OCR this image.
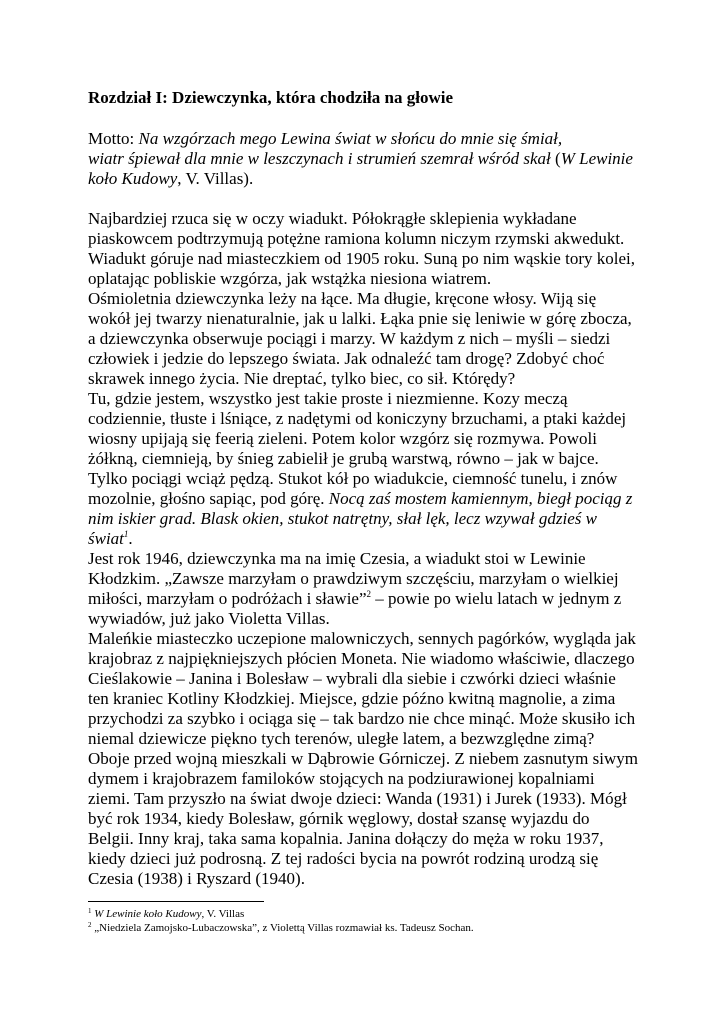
Rozdział I: Dziewczynka, która chodziła na głowie
Motto: Na wzgórzach mego Lewina świat w słońcu do mnie się śmiał,
wiatr śpiewał dla mnie w leszczynach i strumień szemrał wśród skał (W Lewinie
koło Kudowy, V. Villas).
Najbardziej rzuca się w oczy wiadukt. Półokrągłe sklepienia wykładane
piaskowcem podtrzymują potężne ramiona kolumn niczym rzymski akwedukt.
Wiadukt góruje nad miasteczkiem od 1905 roku. Suną po nim wąskie tory kolei,
oplatając pobliskie wzgórza, jak wstążka niesiona wiatrem.
Ośmioletnia dziewczynka leży na łące. Ma długie, kręcone włosy. Wiją się
wokół jej twarzy nienaturalnie, jak u lalki. Łąka pnie się leniwie w górę zbocza,
a dziewczynka obserwuje pociągi i marzy. W każdym z nich – myśli – siedzi
człowiek i jedzie do lepszego świata. Jak odnaleźć tam drogę? Zdobyć choć
skrawek innego życia. Nie dreptać, tylko biec, co sił. Którędy?
Tu, gdzie jestem, wszystko jest takie proste i niezmienne. Kozy meczą
codziennie, tłuste i lśniące, z nadętymi od koniczyny brzuchami, a ptaki każdej
wiosny upijają się feerią zieleni. Potem kolor wzgórz się rozmywa. Powoli
żółkną, ciemnieją, by śnieg zabielił je grubą warstwą, równo – jak w bajce.
Tylko pociągi wciąż pędzą. Stukot kół po wiadukcie, ciemność tunelu, i znów
mozolnie, głośno sapiąc, pod górę. Nocą zaś mostem kamiennym, biegł pociąg z
nim iskier grad. Blask okien, stukot natrętny, słał lęk, lecz wzywał gdzieś w
świat$^1$.
Jest rok 1946, dziewczynka ma na imię Czesia, a wiadukt stoi w Lewinie
Kłodzkim. „Zawsze marzyłam o prawdziwym szczęściu, marzyłam o wielkiej
miłości, marzyłam o podróżach i sławie”$^2$ – powie po wielu latach w jednym z
wywiadów, już jako Violetta Villas.
Maleńkie miasteczko uczepione malowniczych, sennych pagórków, wygląda jak
krajobraz z najpiękniejszych płócien Moneta. Nie wiadomo właściwie, dlaczego
Cieślakowie – Janina i Bolesław – wybrali dla siebie i czwórki dzieci właśnie
ten kraniec Kotliny Kłodzkiej. Miejsce, gdzie późno kwitną magnolie, a zima
przychodzi za szybko i ociąga się – tak bardzo nie chce minąć. Może skusiło ich
niemal dziewicze piękno tych terenów, uległe latem, a bezwzględne zimą?
Oboje przed wojną mieszkali w Dąbrowie Górniczej. Z niebem zasnutym siwym
dymem i krajobrazem familoków stojących na podziurawionej kopalniami
ziemi. Tam przyszło na świat dwoje dzieci: Wanda (1931) i Jurek (1933). Mógł
być rok 1934, kiedy Bolesław, górnik węglowy, dostał szansę wyjazdu do
Belgii. Inny kraj, taka sama kopalnia. Janina dołączy do męża w roku 1937,
kiedy dzieci już podrosną. Z tej radości bycia na powrót rodziną urodzą się
Czesia (1938) i Ryszard (1940).
$^1$ W Lewinie koło Kudowy, V. Villas
$^2$ „Niedziela Zamojsko-Lubaczowska”, z Violettą Villas rozmawiał ks. Tadeusz Sochan.
